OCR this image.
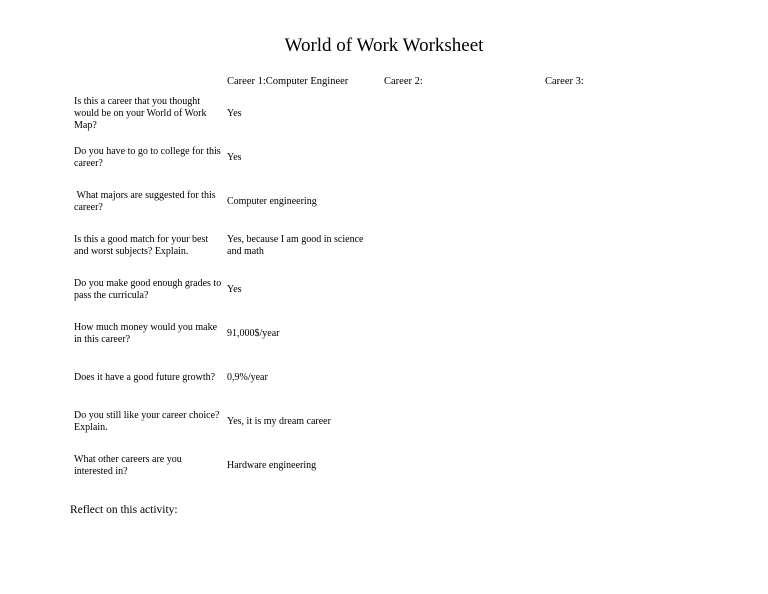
World of Work Worksheet
Career 1:Computer Engineer	Career 2:	Career 3:
Is this a career that you thought would be on your World of Work Map?
Yes
Do you have to go to college for this career?
Yes
What majors are suggested for this career?
Computer engineering
Is this a good match for your best and worst subjects? Explain.
Yes, because I am good in science and math
Do you make good enough grades to pass the curricula?
Yes
How much money would you make in this career?
91,000$/year
Does it have a good future growth? 0,9%/year
Do you still like your career choice? Explain.
Yes, it is my dream career
What other careers are you interested in?
Hardware engineering
Reflect on this activity:
